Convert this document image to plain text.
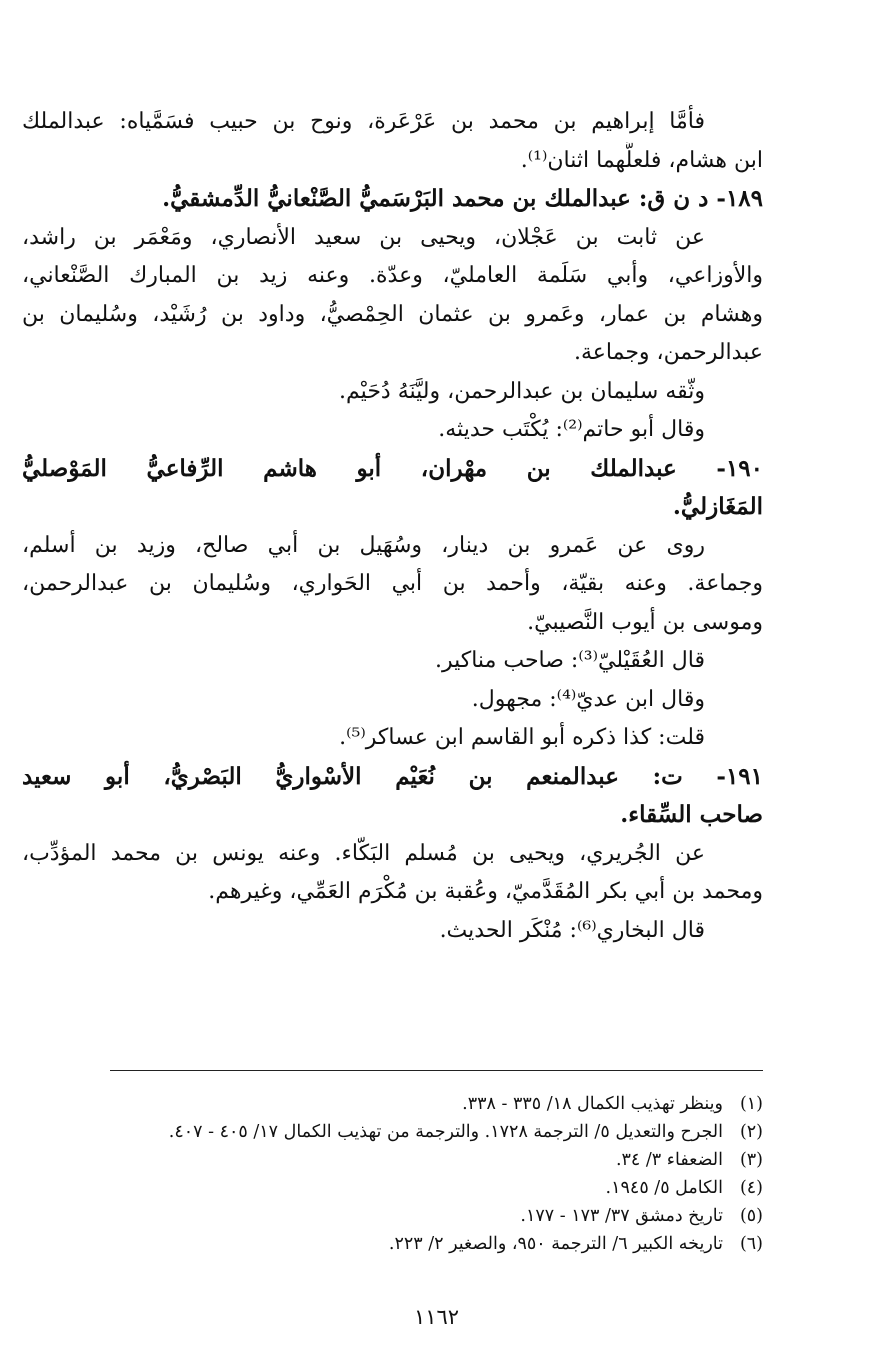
فأمَّا إبراهيم بن محمد بن عَرْعَرة، ونوح بن حبيب فسَمَّياه: عبدالملك
ابن هشام، فلعلَّهما اثنان⁽¹⁾.
١٨٩- د ن ق: عبدالملك بن محمد البَرْسَميُّ الصَّنْعانيُّ الدِّمشقيُّ.
عن ثابت بن عَجْلان، ويحيى بن سعيد الأنصاري، ومَعْمَر بن راشد،
والأوزاعي، وأبي سَلَمة العامليّ، وعدّة. وعنه زيد بن المبارك الصَّنْعاني،
وهشام بن عمار، وعَمرو بن عثمان الحِمْصيُّ، وداود بن رُشَيْد، وسُليمان بن
عبدالرحمن، وجماعة.
وثّقه سليمان بن عبدالرحمن، وليَّنَهُ دُحَيْم.
وقال أبو حاتم⁽²⁾: يُكْتَب حديثه.
١٩٠- عبدالملك بن مهْران، أبو هاشم الرِّفاعيُّ المَوْصليُّ
المَغَازليُّ.
روى عن عَمرو بن دينار، وسُهَيل بن أبي صالح، وزيد بن أسلم،
وجماعة. وعنه بقيّة، وأحمد بن أبي الحَواري، وسُليمان بن عبدالرحمن،
وموسى بن أيوب النَّصيبيّ.
قال العُقَيْليّ⁽³⁾: صاحب مناكير.
وقال ابن عديّ⁽⁴⁾: مجهول.
قلت: كذا ذكره أبو القاسم ابن عساكر⁽⁵⁾.
١٩١- ت: عبدالمنعم بن نُعَيْم الأسْواريُّ البَصْريُّ، أبو سعيد
صاحب السِّقاء.
عن الجُريري، ويحيى بن مُسلم البَكّاء. وعنه يونس بن محمد المؤدِّب،
ومحمد بن أبي بكر المُقَدَّميّ، وعُقبة بن مُكْرَم العَمِّي، وغيرهم.
قال البخاري⁽⁶⁾: مُنْكَر الحديث.
(١)وينظر تهذيب الكمال ١٨/ ٣٣٥ - ٣٣٨.
(٢)الجرح والتعديل ٥/ الترجمة ١٧٢٨. والترجمة من تهذيب الكمال ١٧/ ٤٠٥ - ٤٠٧.
(٣)الضعفاء ٣/ ٣٤.
(٤)الكامل ٥/ ١٩٤٥.
(٥)تاريخ دمشق ٣٧/ ١٧٣ - ١٧٧.
(٦)تاريخه الكبير ٦/ الترجمة ٩٥٠، والصغير ٢/ ٢٢٣.
١١٦٢
